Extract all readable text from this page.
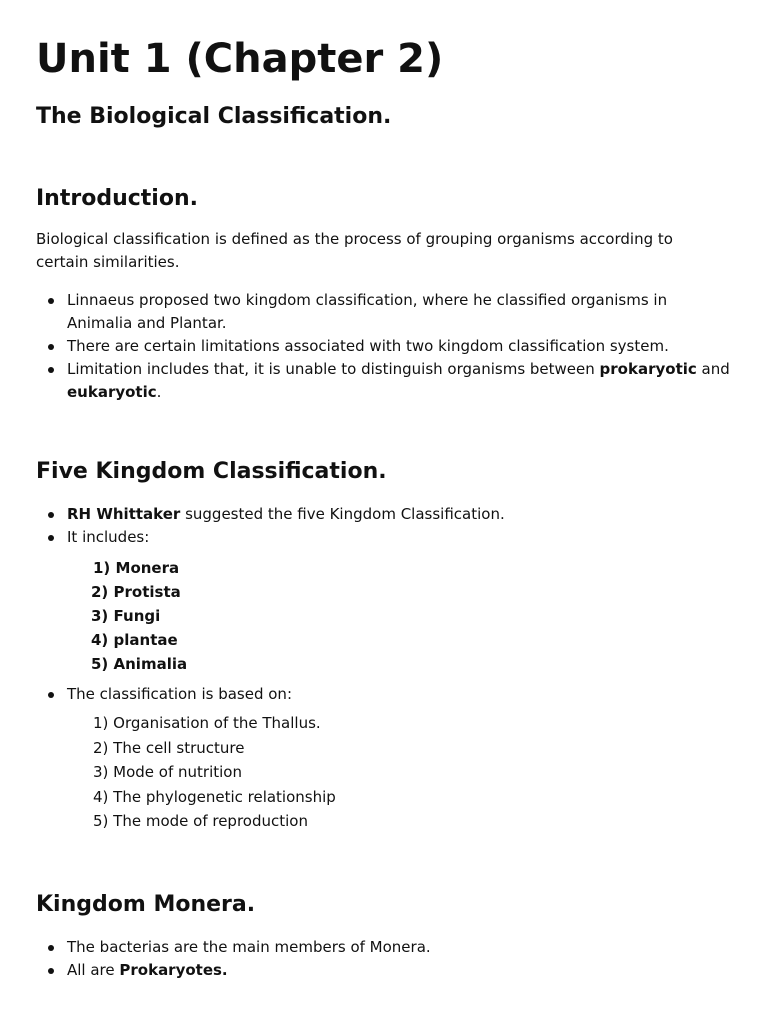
Unit 1 (Chapter 2)
The Biological Classification.
Introduction.

Biological classification is defined as the process of grouping organisms according to certain similarities.

Linnaeus proposed two kingdom classification, where he classified organisms in Animalia and Plantar.
There are certain limitations associated with two kingdom classification system.
Limitation includes that, it is unable to distinguish organisms between prokaryotic and
eukaryotic.
Five Kingdom Classification.
RH Whittaker suggested the five Kingdom Classification.
It includes:
1) Monera
2) Protista
3) Fungi
4) plantae
5) Animalia
The classification is based on:
1) Organisation of the Thallus.
2) The cell structure
3) Mode of nutrition
4) The phylogenetic relationship
5) The mode of reproduction
Kingdom Monera.
The bacterias are the main members of Monera.
All are Prokaryotes.
